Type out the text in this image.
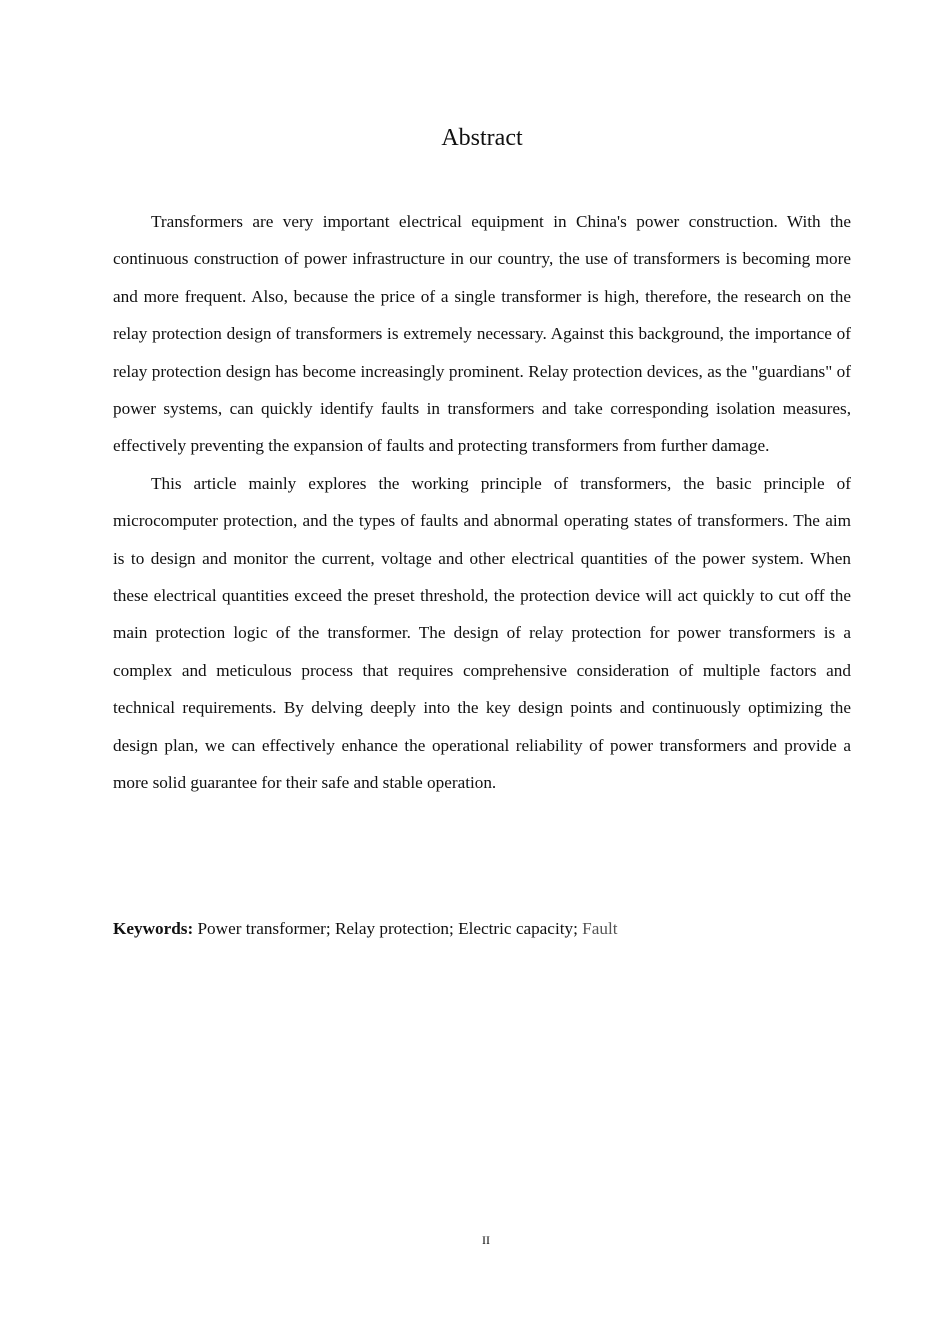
Abstract

Transformers are very important electrical equipment in China's power construction. With the continuous construction of power infrastructure in our country, the use of transformers is becoming more and more frequent. Also, because the price of a single transformer is high, therefore, the research on the relay protection design of transformers is extremely necessary. Against this background, the importance of relay protection design has become increasingly prominent. Relay protection devices, as the "guardians" of power systems, can quickly identify faults in transformers and take corresponding isolation measures, effectively preventing the expansion of faults and protecting transformers from further damage.

This article mainly explores the working principle of transformers, the basic principle of microcomputer protection, and the types of faults and abnormal operating states of transformers. The aim is to design and monitor the current, voltage and other electrical quantities of the power system. When these electrical quantities exceed the preset threshold, the protection device will act quickly to cut off the main protection logic of the transformer. The design of relay protection for power transformers is a complex and meticulous process that requires comprehensive consideration of multiple factors and technical requirements. By delving deeply into the key design points and continuously optimizing the design plan, we can effectively enhance the operational reliability of power transformers and provide a more solid guarantee for their safe and stable operation.

Keywords: Power transformer; Relay protection; Electric capacity; Fault

II
